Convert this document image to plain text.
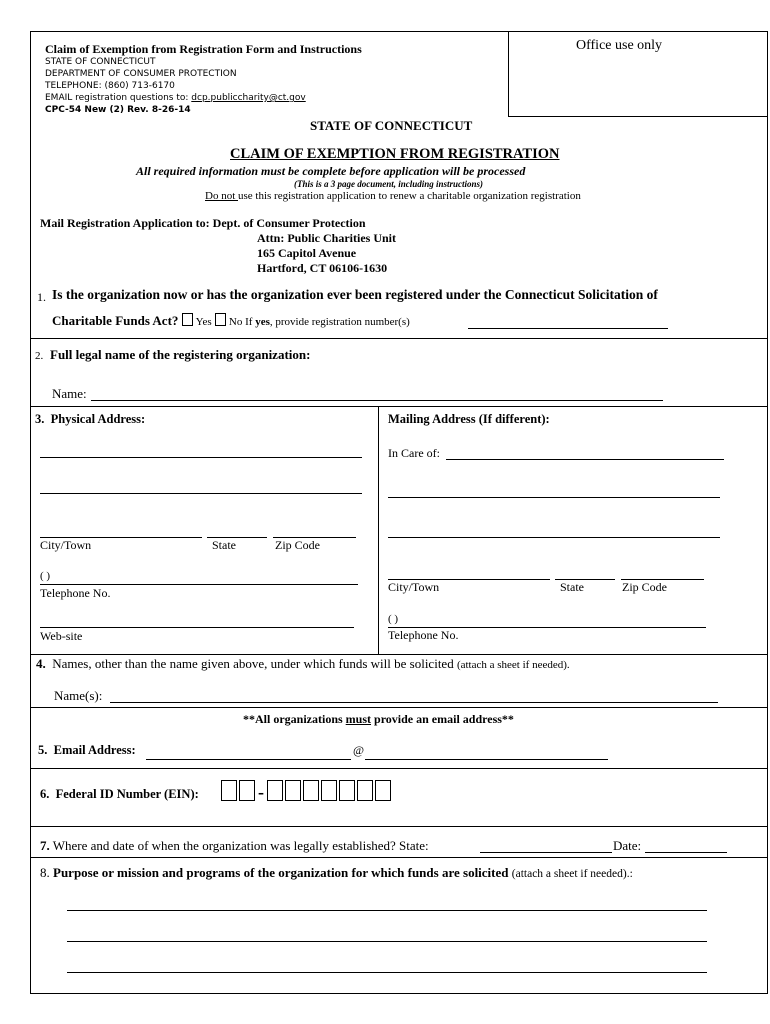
Office use only
Claim of Exemption from Registration Form and Instructions
STATE OF CONNECTICUT
DEPARTMENT OF CONSUMER PROTECTION
TELEPHONE: (860) 713-6170
EMAIL registration questions to: dcp.publiccharity@ct.gov
CPC-54 New (2) Rev. 8-26-14
STATE OF CONNECTICUT
CLAIM OF EXEMPTION FROM REGISTRATION
All required information must be complete before application will be processed
(This is a 3 page document, including instructions)
Do not use this registration application to renew a charitable organization registration
Mail Registration Application to: Dept. of Consumer Protection
Attn: Public Charities Unit
165 Capitol Avenue
Hartford, CT 06106-1630
1. Is the organization now or has the organization ever been registered under the Connecticut Solicitation of
Charitable Funds Act? Yes No If yes, provide registration number(s)
2. Full legal name of the registering organization:
Name:
3. Physical Address:	Mailing Address (If different):
City/Town	State	Zip Code
( )
Telephone No.
Web-site
In Care of:
City/Town	State	Zip Code
( )
Telephone No.
4. Names, other than the name given above, under which funds will be solicited (attach a sheet if needed).
Name(s):
**All organizations must provide an email address**
5. Email Address:	@
6. Federal ID Number (EIN):	-
7. Where and date of when the organization was legally established? State:	Date:
8. Purpose or mission and programs of the organization for which funds are solicited (attach a sheet if needed).:
